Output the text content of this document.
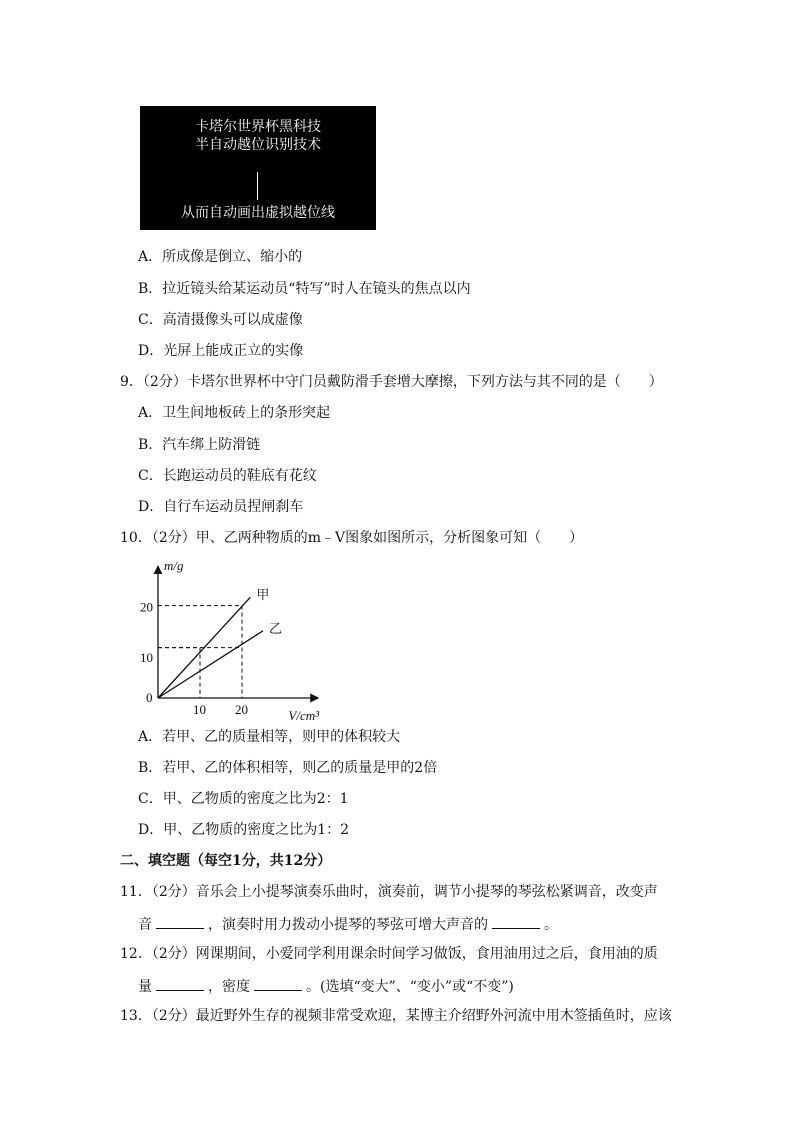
卡塔尔世界杯黑科技
半自动越位识别技术
从而自动画出虚拟越位线
A．所成像是倒立、缩小的
B．拉近镜头给某运动员“特写”时人在镜头的焦点以内
C．高清摄像头可以成虚像
D．光屏上能成正立的实像
9．（2分）卡塔尔世界杯中守门员戴防滑手套增大摩擦，下列方法与其不同的是（　　）
A．卫生间地板砖上的条形突起
B．汽车绑上防滑链
C．长跑运动员的鞋底有花纹
D．自行车运动员捏闸刹车
10．（2分）甲、乙两种物质的m﹣V图象如图所示，分析图象可知（　　）
甲
乙
10 20
10
20
0
m/g
V/cm³
A．若甲、乙的质量相等，则甲的体积较大
B．若甲、乙的体积相等，则乙的质量是甲的2倍
C．甲、乙物质的密度之比为2：1
D．甲、乙物质的密度之比为1：2
二、填空题（每空1分，共12分）
11．（2分）音乐会上小提琴演奏乐曲时，演奏前，调节小提琴的琴弦松紧调音，改变声
音	，演奏时用力拨动小提琴的琴弦可增大声音的	。
12．（2分）网课期间，小爱同学利用课余时间学习做饭，食用油用过之后，食用油的质
量	，密度	。(选填“变大”、“变小”或“不变”)
13．（2分）最近野外生存的视频非常受欢迎，某博主介绍野外河流中用木签插鱼时，应该
